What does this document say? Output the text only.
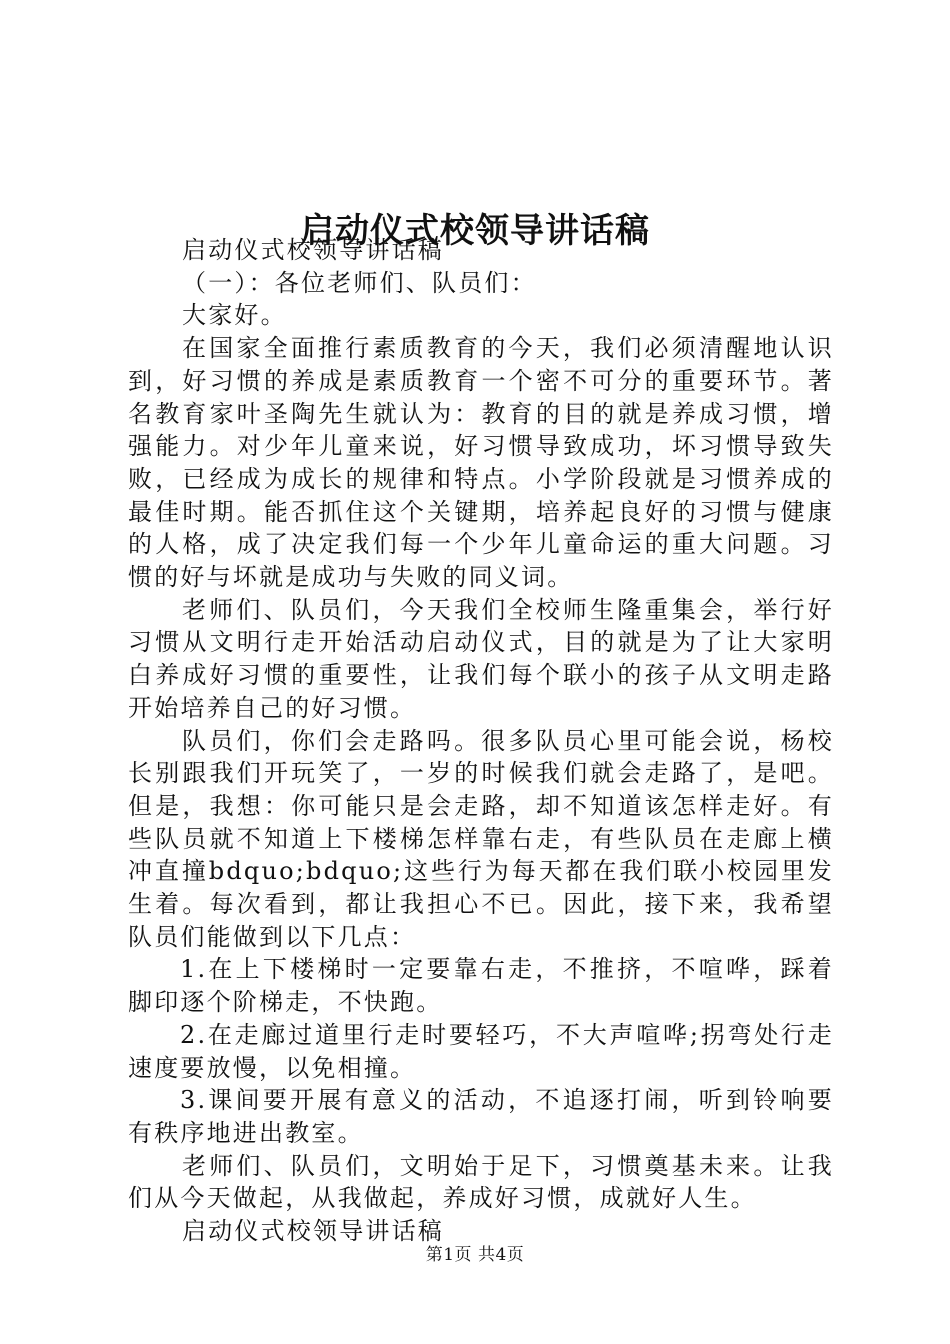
启动仪式校领导讲话稿

启动仪式校领导讲话稿

（一）：各位老师们、队员们：

大家好。

在国家全面推行素质教育的今天，我们必须清醒地认识到，好习惯的养成是素质教育一个密不可分的重要环节。著名教育家叶圣陶先生就认为：教育的目的就是养成习惯，增强能力。对少年儿童来说，好习惯导致成功，坏习惯导致失败，已经成为成长的规律和特点。小学阶段就是习惯养成的最佳时期。能否抓住这个关键期，培养起良好的习惯与健康的人格，成了决定我们每一个少年儿童命运的重大问题。习惯的好与坏就是成功与失败的同义词。

老师们、队员们，今天我们全校师生隆重集会，举行好习惯从文明行走开始活动启动仪式，目的就是为了让大家明白养成好习惯的重要性，让我们每个联小的孩子从文明走路开始培养自己的好习惯。

队员们，你们会走路吗。很多队员心里可能会说，杨校长别跟我们开玩笑了，一岁的时候我们就会走路了，是吧。但是，我想：你可能只是会走路，却不知道该怎样走好。有些队员就不知道上下楼梯怎样靠右走，有些队员在走廊上横冲直撞bdquo;bdquo;这些行为每天都在我们联小校园里发生着。每次看到，都让我担心不已。因此，接下来，我希望队员们能做到以下几点：

1.在上下楼梯时一定要靠右走，不推挤，不喧哗，踩着脚印逐个阶梯走，不快跑。

2.在走廊过道里行走时要轻巧，不大声喧哗;拐弯处行走速度要放慢，以免相撞。

3.课间要开展有意义的活动，不追逐打闹，听到铃响要有秩序地进出教室。

老师们、队员们，文明始于足下，习惯奠基未来。让我们从今天做起，从我做起，养成好习惯，成就好人生。

启动仪式校领导讲话稿

第1页 共4页
